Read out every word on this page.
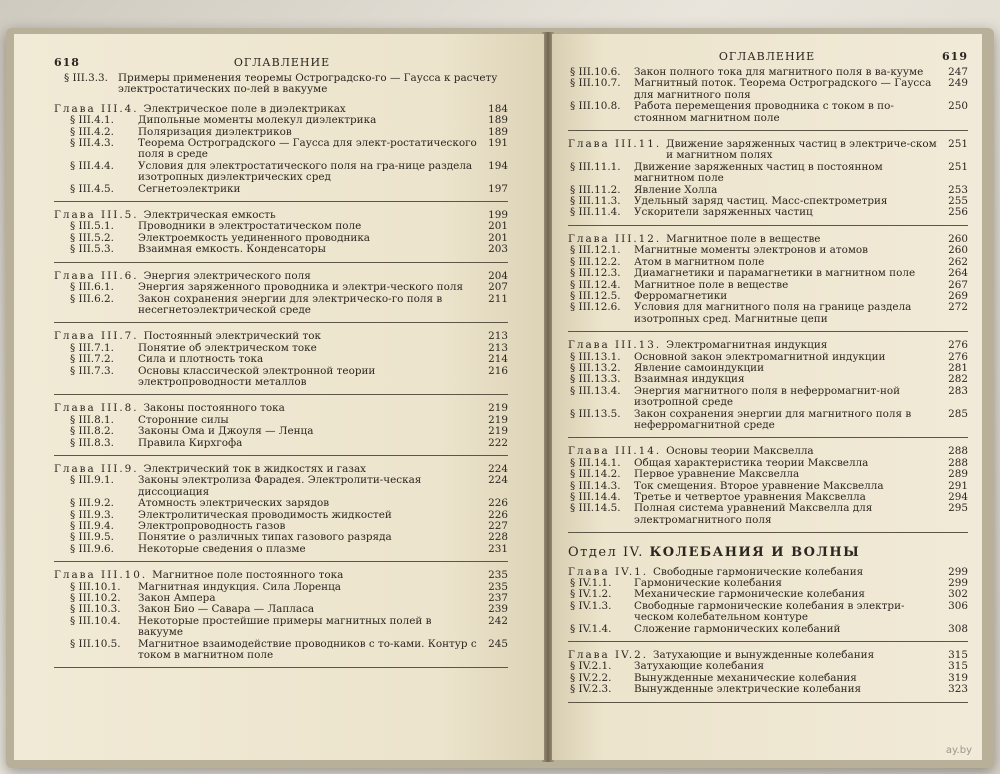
618	ОГЛАВЛЕНИЕ
§ III.3.3. Примеры применения теоремы Остроградско-го — Гаусса к расчету электростатических по-лей в вакууме
Глава III.4. Электрическое поле в диэлектриках	184
§ III.4.1.	Дипольные моменты молекул диэлектрика	189
§ III.4.2.	Поляризация диэлектриков	189
§ III.4.3.	Теорема Остроградского — Гаусса для элект-ростатического поля в среде
191
§ III.4.4.	Условия для электростатического поля на гра-нице раздела изотропных диэлектрических сред
194
§ III.4.5.	Сегнетоэлектрики	197
Глава III.5. Электрическая емкость	199
§ III.5.1.	Проводники в электростатическом поле	201
§ III.5.2.	Электроемкость уединенного проводника	201
§ III.5.3.	Взаимная емкость. Конденсаторы	203
Глава III.6. Энергия электрического поля	204
§ III.6.1.	Энергия заряженного проводника и электри-ческого поля	207
§ III.6.2.	Закон сохранения энергии для электрическо-го поля в несегнетоэлектрической среде
211
Глава III.7. Постоянный электрический ток	213
§ III.7.1.	Понятие об электрическом токе	213
§ III.7.2.	Сила и плотность тока	214
§ III.7.3.	Основы классической электронной теории электропроводности металлов
216
Глава III.8. Законы постоянного тока	219
§ III.8.1.	Сторонние силы	219
§ III.8.2.	Законы Ома и Джоуля — Ленца	219
§ III.8.3.	Правила Кирхгофа	222
Глава III.9. Электрический ток в жидкостях и газах	224
§ III.9.1.	Законы электролиза Фарадея. Электролити-ческая диссоциация
224
§ III.9.2.	Атомность электрических зарядов	226
§ III.9.3.	Электролитическая проводимость жидкостей	226
§ III.9.4.	Электропроводность газов	227
§ III.9.5.	Понятие о различных типах газового разряда	228
§ III.9.6.	Некоторые сведения о плазме	231
Глава III.10. Магнитное поле постоянного тока	235
§ III.10.1.	Магнитная индукция. Сила Лоренца	235
§ III.10.2.	Закон Ампера	237
§ III.10.3.	Закон Био — Савара — Лапласа	239
§ III.10.4.	Некоторые простейшие примеры магнитных полей в вакууме
242
§ III.10.5.	Магнитное взаимодействие проводников с то-ками. Контур с током в магнитном поле
245
ОГЛАВЛЕНИЕ	619
§ III.10.6.	Закон полного тока для магнитного поля в ва-кууме	247
§ III.10.7.	Магнитный поток. Теорема Остроградского — Гаусса для магнитного поля
249
§ III.10.8.	Работа перемещения проводника с током в по-стоянном магнитном поле
250
Глава III.11. Движение заряженных частиц в электриче-ском и магнитном полях
251
§ III.11.1.	Движение заряженных частиц в постоянном магнитном поле
251
§ III.11.2.	Явление Холла	253
§ III.11.3.	Удельный заряд частиц. Масс-спектрометрия	255
§ III.11.4.	Ускорители заряженных частиц	256
Глава III.12. Магнитное поле в веществе	260
§ III.12.1.	Магнитные моменты электронов и атомов	260
§ III.12.2.	Атом в магнитном поле	262
§ III.12.3.	Диамагнетики и парамагнетики в магнитном поле	264
§ III.12.4.	Магнитное поле в веществе	267
§ III.12.5.	Ферромагнетики	269
§ III.12.6.	Условия для магнитного поля на границе раздела изотропных сред. Магнитные цепи
272
Глава III.13. Электромагнитная индукция	276
§ III.13.1.	Основной закон электромагнитной индукции	276
§ III.13.2.	Явление самоиндукции	281
§ III.13.3.	Взаимная индукция	282
§ III.13.4.	Энергия магнитного поля в неферромагнит-ной изотропной среде
283
§ III.13.5.	Закон сохранения энергии для магнитного поля в неферромагнитной среде
285
Глава III.14. Основы теории Максвелла	288
§ III.14.1.	Общая характеристика теории Максвелла	288
§ III.14.2.	Первое уравнение Максвелла	289
§ III.14.3.	Ток смещения. Второе уравнение Максвелла	291
§ III.14.4.	Третье и четвертое уравнения Максвелла	294
§ III.14.5.	Полная система уравнений Максвелла для электромагнитного поля
295
Отдел IV. КОЛЕБАНИЯ И ВОЛНЫ
Глава IV.1. Свободные гармонические колебания	299
§ IV.1.1.	Гармонические колебания	299
§ IV.1.2.	Механические гармонические колебания	302
§ IV.1.3.	Свободные гармонические колебания в электри-ческом колебательном контуре
306
§ IV.1.4.	Сложение гармонических колебаний	308
Глава IV.2. Затухающие и вынужденные колебания	315
§ IV.2.1.	Затухающие колебания	315
§ IV.2.2.	Вынужденные механические колебания	319
§ IV.2.3.	Вынужденные электрические колебания	323
ay.by
